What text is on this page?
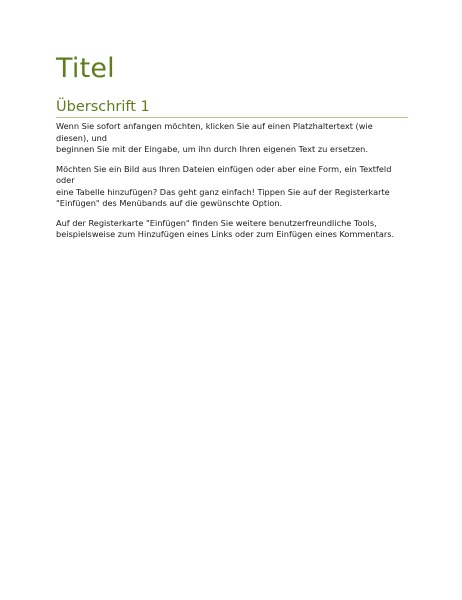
Titel
Überschrift 1

Wenn Sie sofort anfangen möchten, klicken Sie auf einen Platzhaltertext (wie diesen), und
beginnen Sie mit der Eingabe, um ihn durch Ihren eigenen Text zu ersetzen.

Möchten Sie ein Bild aus Ihren Dateien einfügen oder aber eine Form, ein Textfeld oder
eine Tabelle hinzufügen? Das geht ganz einfach! Tippen Sie auf der Registerkarte
"Einfügen" des Menübands auf die gewünschte Option.

Auf der Registerkarte "Einfügen" finden Sie weitere benutzerfreundliche Tools,
beispielsweise zum Hinzufügen eines Links oder zum Einfügen eines Kommentars.
